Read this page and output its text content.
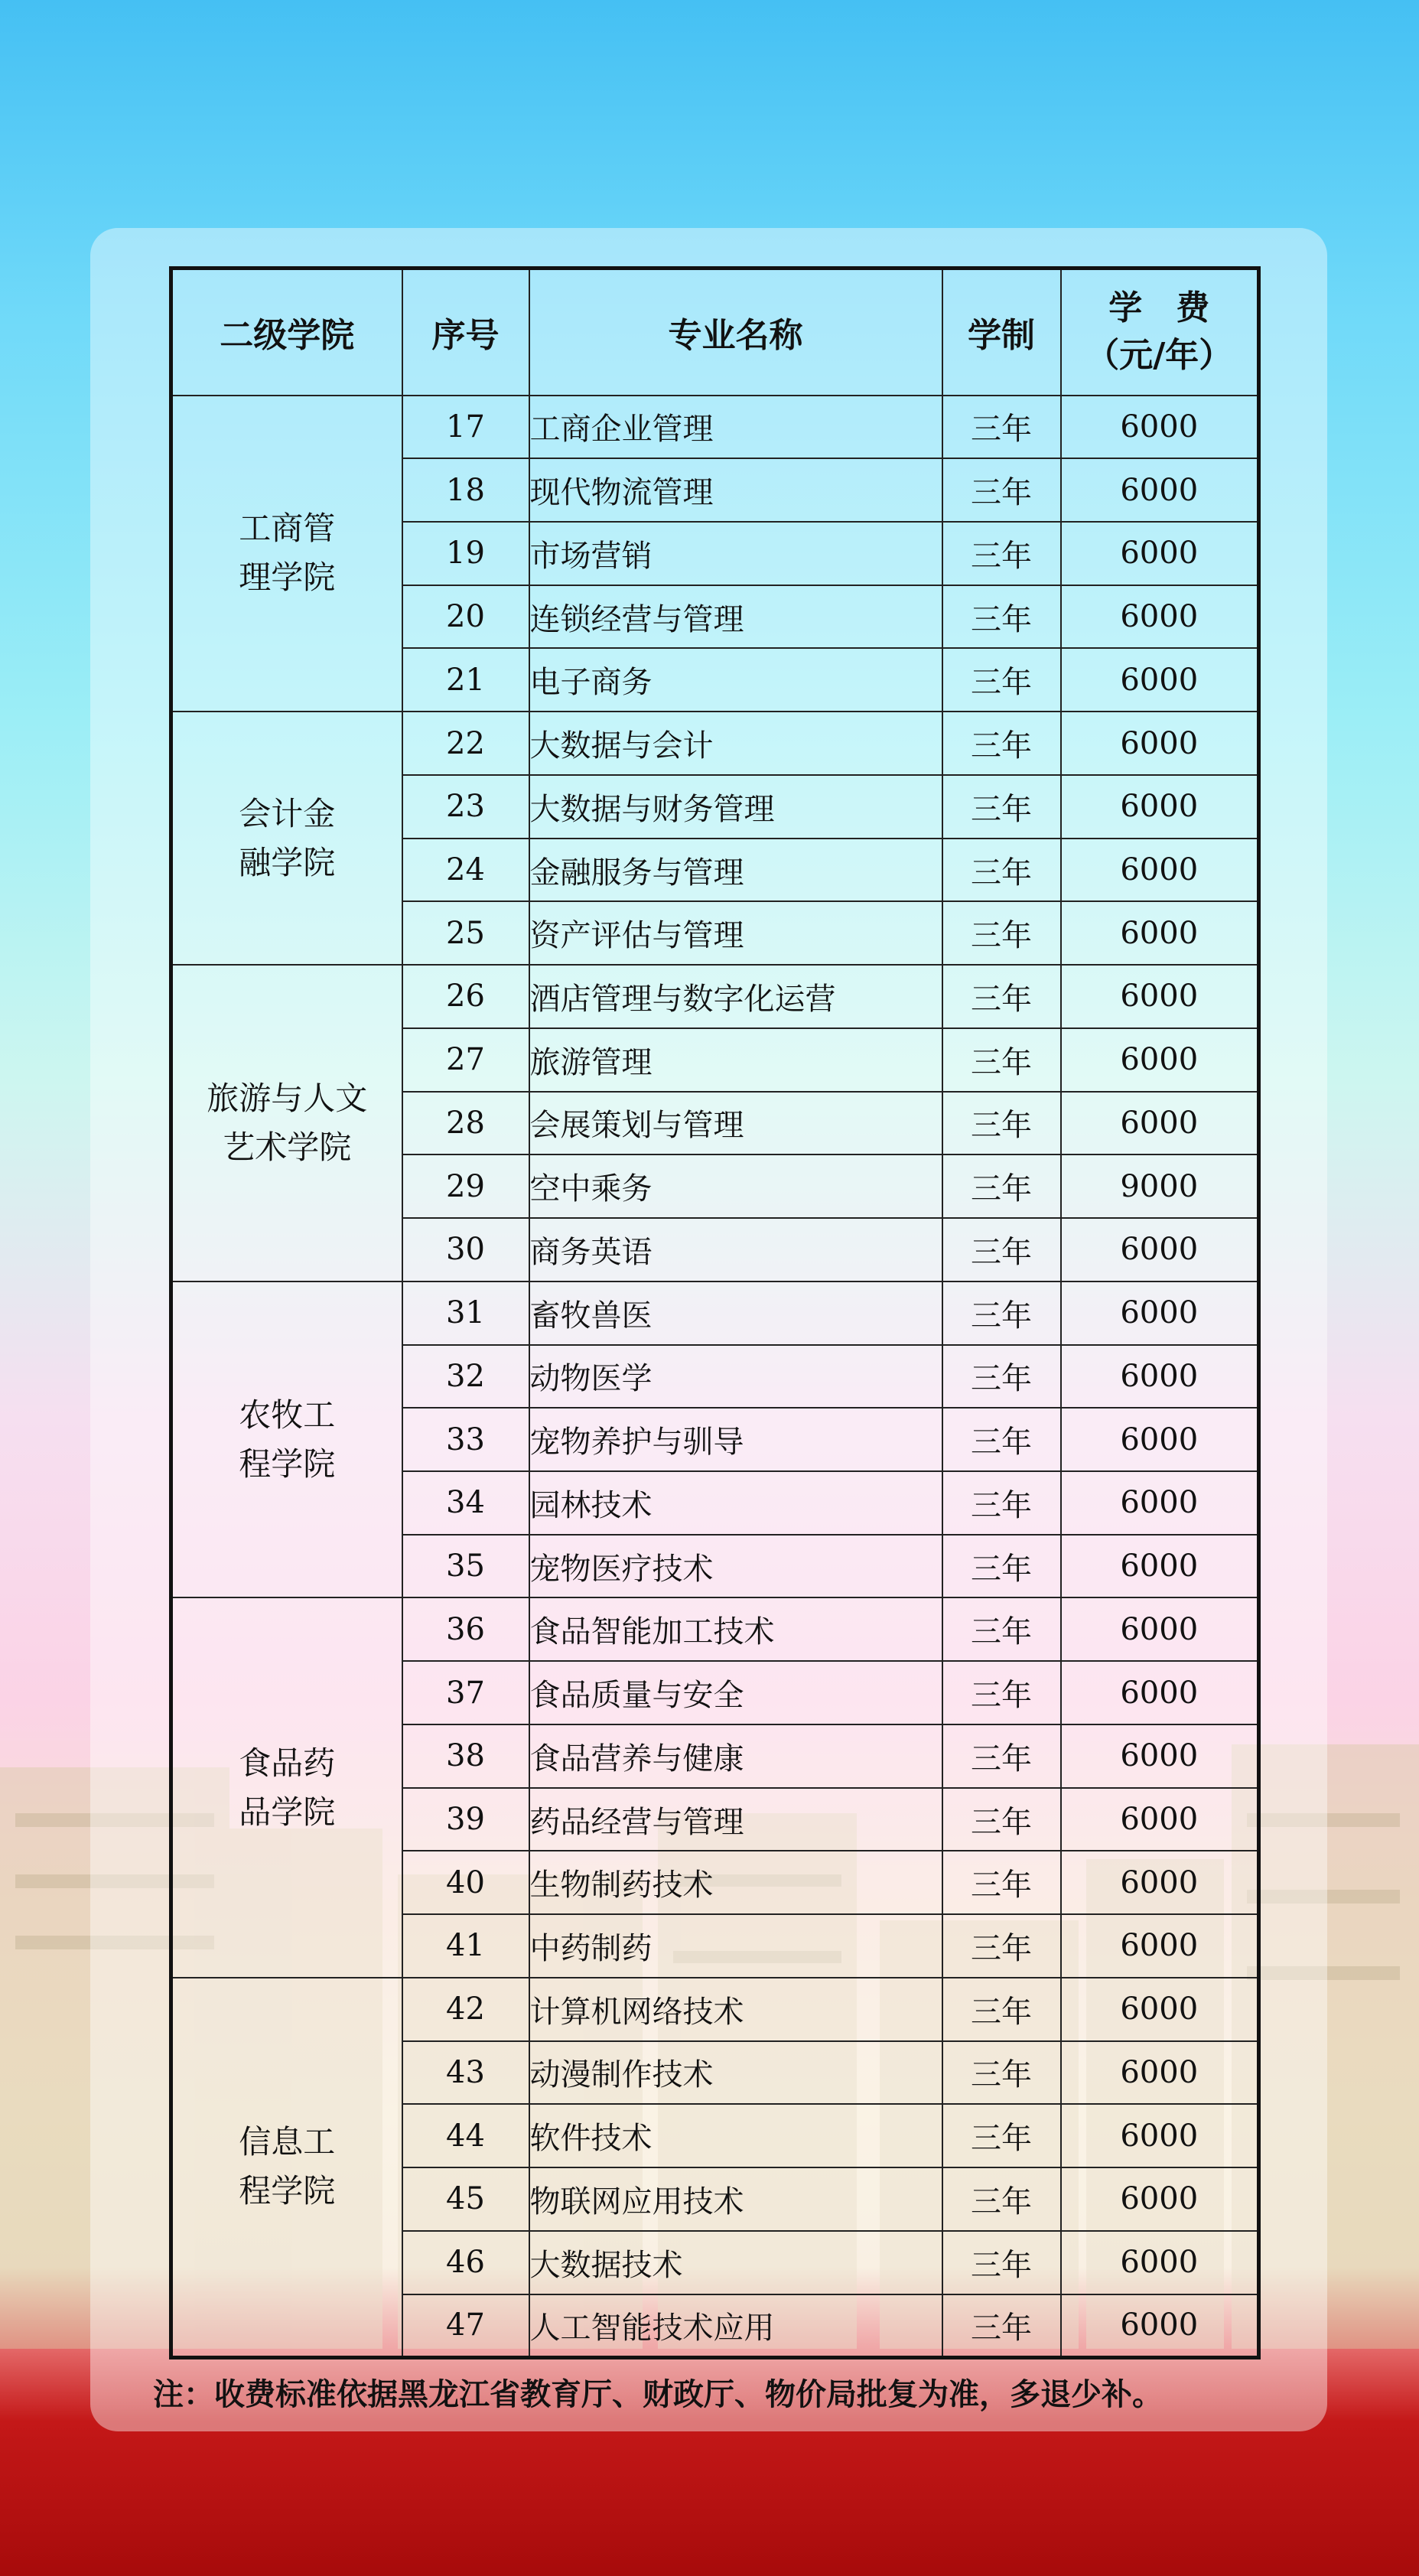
二级学院	序号	专业名称	学制	学　费
（元/年）

工商管
理学院	17	工商企业管理	三年	6000
	18	现代物流管理	三年	6000
	19	市场营销	三年	6000
	20	连锁经营与管理	三年	6000
	21	电子商务	三年	6000
会计金
融学院	22	大数据与会计	三年	6000
	23	大数据与财务管理	三年	6000
	24	金融服务与管理	三年	6000
	25	资产评估与管理	三年	6000
旅游与人文
艺术学院	26	酒店管理与数字化运营	三年	6000
	27	旅游管理	三年	6000
	28	会展策划与管理	三年	6000
	29	空中乘务	三年	9000
	30	商务英语	三年	6000
农牧工
程学院	31	畜牧兽医	三年	6000
	32	动物医学	三年	6000
	33	宠物养护与驯导	三年	6000
	34	园林技术	三年	6000
	35	宠物医疗技术	三年	6000
食品药
品学院	36	食品智能加工技术	三年	6000
	37	食品质量与安全	三年	6000
	38	食品营养与健康	三年	6000
	39	药品经营与管理	三年	6000
	40	生物制药技术	三年	6000
	41	中药制药	三年	6000
信息工
程学院	42	计算机网络技术	三年	6000
	43	动漫制作技术	三年	6000
	44	软件技术	三年	6000
	45	物联网应用技术	三年	6000
	46	大数据技术	三年	6000
	47	人工智能技术应用	三年	6000
注：收费标准依据黑龙江省教育厅、财政厅、物价局批复为准，多退少补。
